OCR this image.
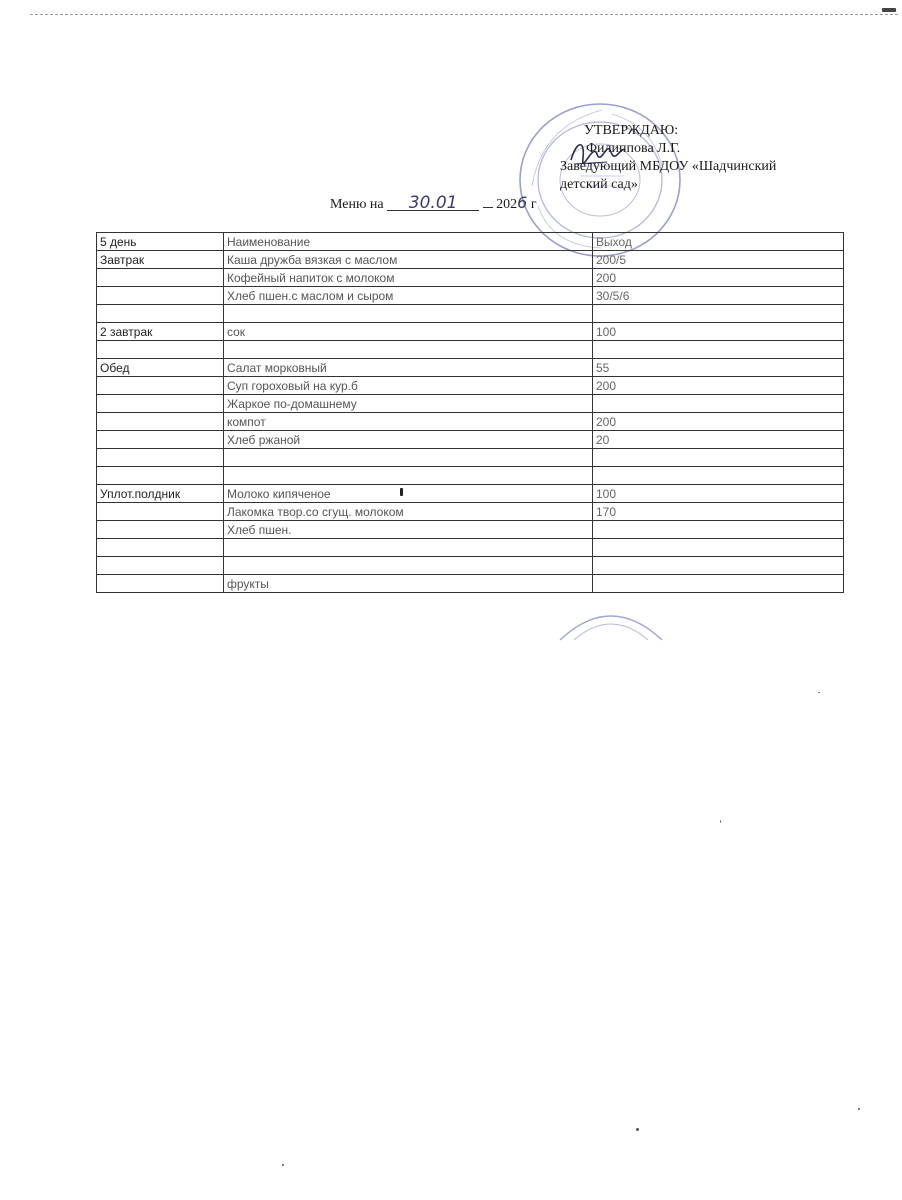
УТВЕРЖДАЮ:
Филиппова Л.Г.
Заведующий МБДОУ «Шадчинский
детский сад»
Меню на 30.01	2026 г
5 день	Наименование	Выход
Завтрак	Каша дружба вязкая с маслом	200/5
	Кофейный напиток с молоком	200
	Хлеб пшен.с маслом и сыром	30/5/6

2 завтрак	сок	100

Обед	Салат морковный	55
	Суп гороховый на кур.б	200
	Жаркое по-домашнему	
	компот	200
	Хлеб ржаной	20

Уплот.полдник	Молоко кипяченое	100
	Лакомка твор.со сгущ. молоком	170
	Хлеб пшен.	

	фрукты	
